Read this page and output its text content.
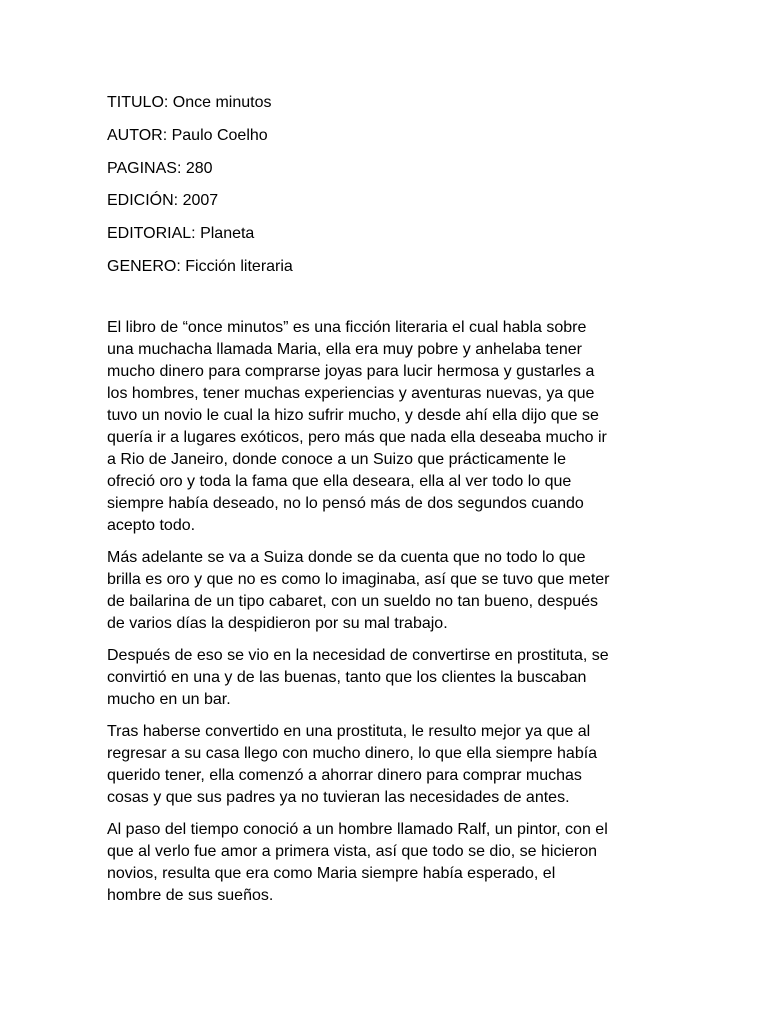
TITULO: Once minutos
AUTOR: Paulo Coelho
PAGINAS: 280
EDICIÓN: 2007
EDITORIAL: Planeta
GENERO: Ficción literaria

El libro de “once minutos” es una ficción literaria el cual habla sobre
una muchacha llamada Maria, ella era muy pobre y anhelaba tener
mucho dinero para comprarse joyas para lucir hermosa y gustarles a
los hombres, tener muchas experiencias y aventuras nuevas, ya que
tuvo un novio le cual la hizo sufrir mucho, y desde ahí ella dijo que se
quería ir a lugares exóticos, pero más que nada ella deseaba mucho ir
a Rio de Janeiro, donde conoce a un Suizo que prácticamente le
ofreció oro y toda la fama que ella deseara, ella al ver todo lo que
siempre había deseado, no lo pensó más de dos segundos cuando
acepto todo.

Más adelante se va a Suiza donde se da cuenta que no todo lo que
brilla es oro y que no es como lo imaginaba, así que se tuvo que meter
de bailarina de un tipo cabaret, con un sueldo no tan bueno, después
de varios días la despidieron por su mal trabajo.

Después de eso se vio en la necesidad de convertirse en prostituta, se
convirtió en una y de las buenas, tanto que los clientes la buscaban
mucho en un bar.

Tras haberse convertido en una prostituta, le resulto mejor ya que al
regresar a su casa llego con mucho dinero, lo que ella siempre había
querido tener, ella comenzó a ahorrar dinero para comprar muchas
cosas y que sus padres ya no tuvieran las necesidades de antes.

Al paso del tiempo conoció a un hombre llamado Ralf, un pintor, con el
que al verlo fue amor a primera vista, así que todo se dio, se hicieron
novios, resulta que era como Maria siempre había esperado, el
hombre de sus sueños.
